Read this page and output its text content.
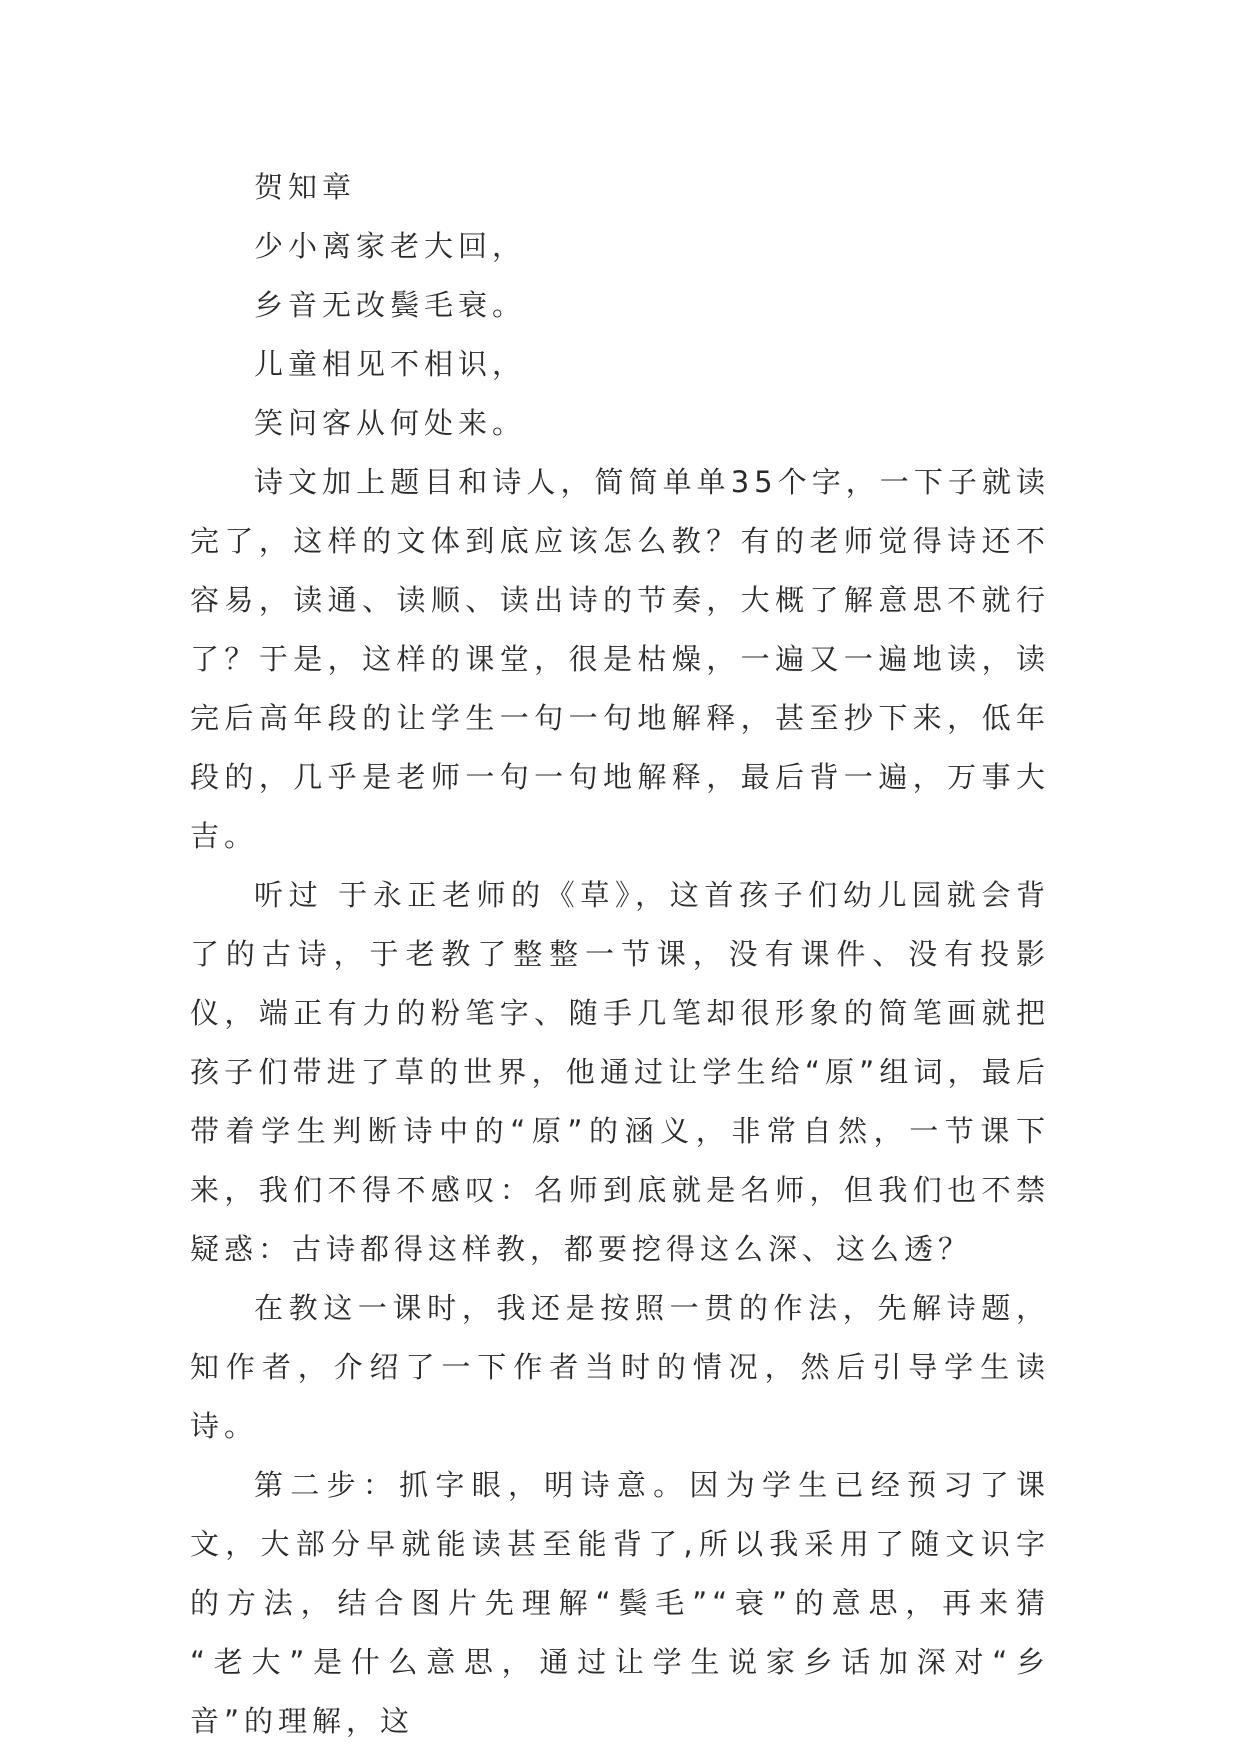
贺知章

少小离家老大回，

乡音无改鬓毛衰。

儿童相见不相识，

笑问客从何处来。

诗文加上题目和诗人，简简单单35个字，一下子就读完了，这样的文体到底应该怎么教？有的老师觉得诗还不容易，读通、读顺、读出诗的节奏，大概了解意思不就行了？于是，这样的课堂，很是枯燥，一遍又一遍地读，读完后高年段的让学生一句一句地解释，甚至抄下来，低年段的，几乎是老师一句一句地解释，最后背一遍，万事大吉。

听过 于永正老师的《草》，这首孩子们幼儿园就会背了的古诗，于老教了整整一节课，没有课件、没有投影仪，端正有力的粉笔字、随手几笔却很形象的简笔画就把孩子们带进了草的世界，他通过让学生给“原”组词，最后带着学生判断诗中的“原”的涵义，非常自然，一节课下来，我们不得不感叹：名师到底就是名师，但我们也不禁疑惑：古诗都得这样教，都要挖得这么深、这么透？

在教这一课时，我还是按照一贯的作法，先解诗题，知作者，介绍了一下作者当时的情况，然后引导学生读诗。

第二步：抓字眼，明诗意。因为学生已经预习了课文，大部分早就能读甚至能背了,所以我采用了随文识字的方法，结合图片先理解“鬓毛”“衰”的意思，再来猜 “老大”是什么意思，通过让学生说家乡话加深对“乡音”的理解，这
